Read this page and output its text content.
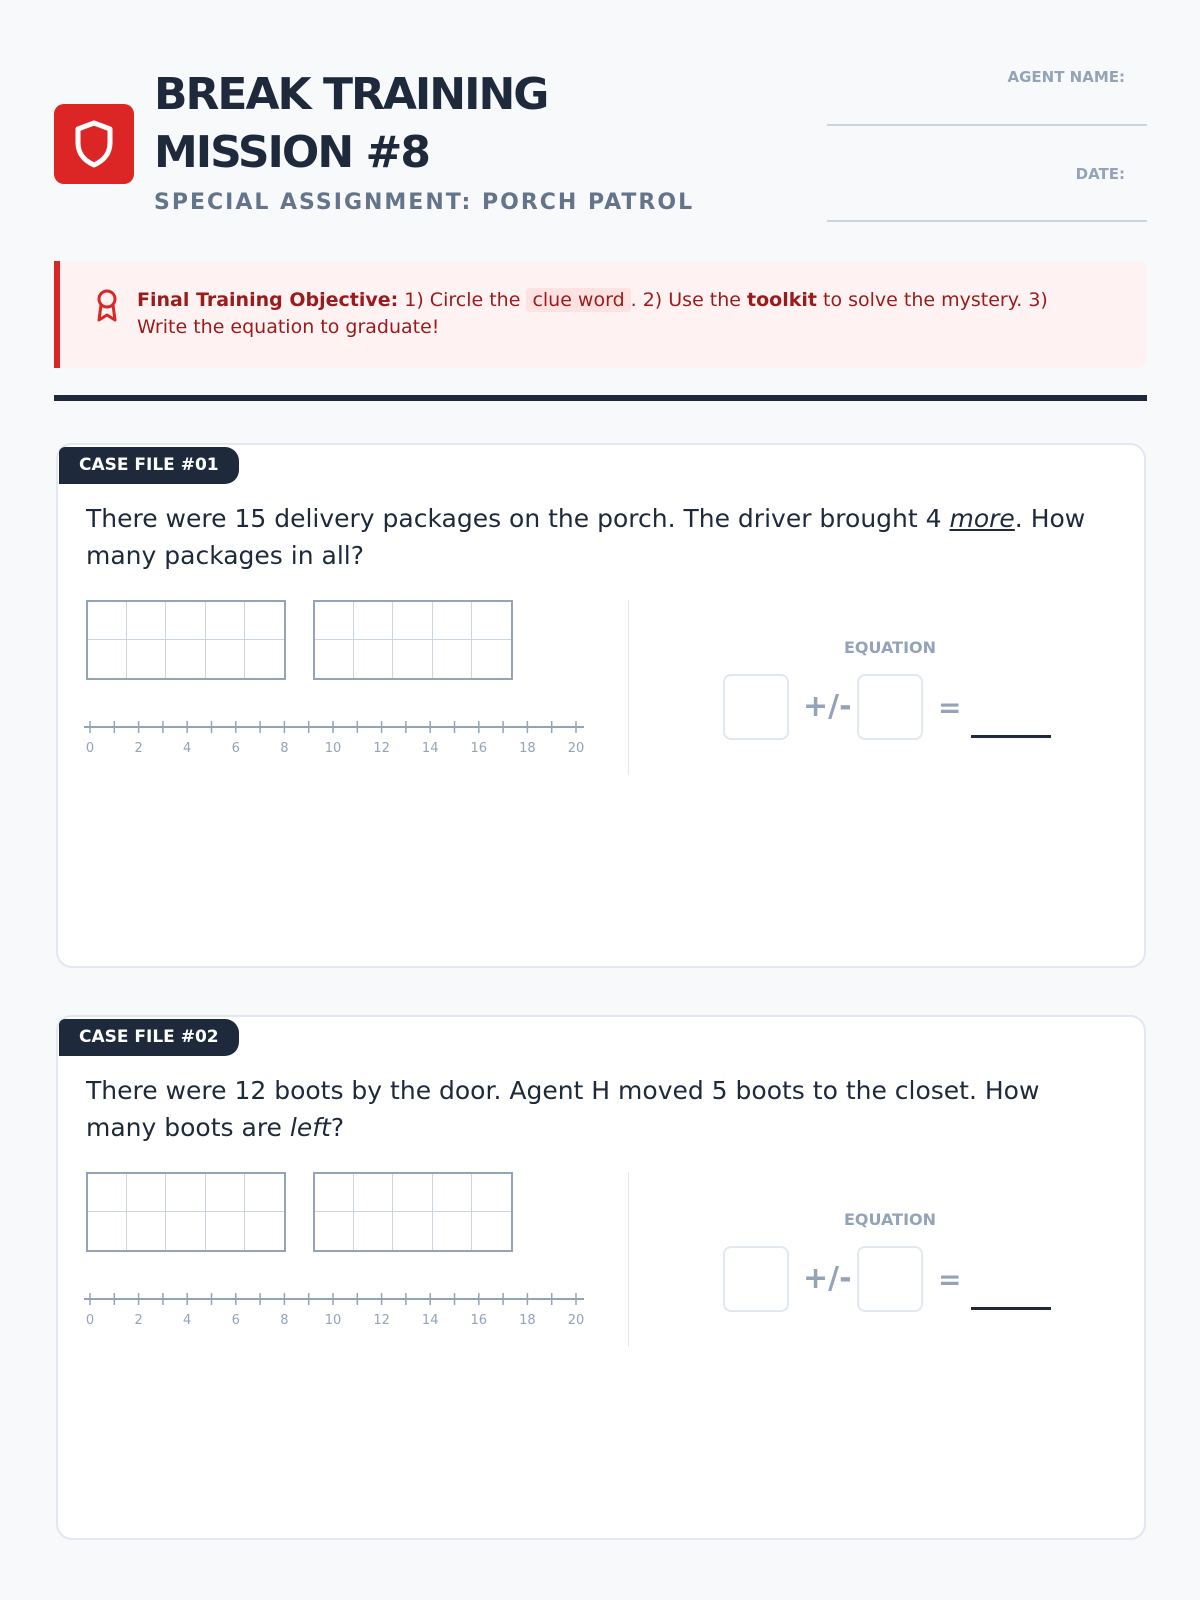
BREAK TRAINING
MISSION #8
SPECIAL ASSIGNMENT: PORCH PATROL
AGENT NAME:
DATE:
Final Training Objective: 1) Circle the clue word . 2) Use the toolkit to solve the mystery. 3) Write the equation to graduate!
CASE FILE #01
There were 15 delivery packages on the porch. The driver brought 4 more. How many packages in all?
0	2	4	6	8	10 12 14 16 18 20
EQUATION
+/-	=
CASE FILE #02
There were 12 boots by the door. Agent H moved 5 boots to the closet. How many boots are left?
0	2	4	6	8	10 12 14 16 18 20
EQUATION
+/-	=
